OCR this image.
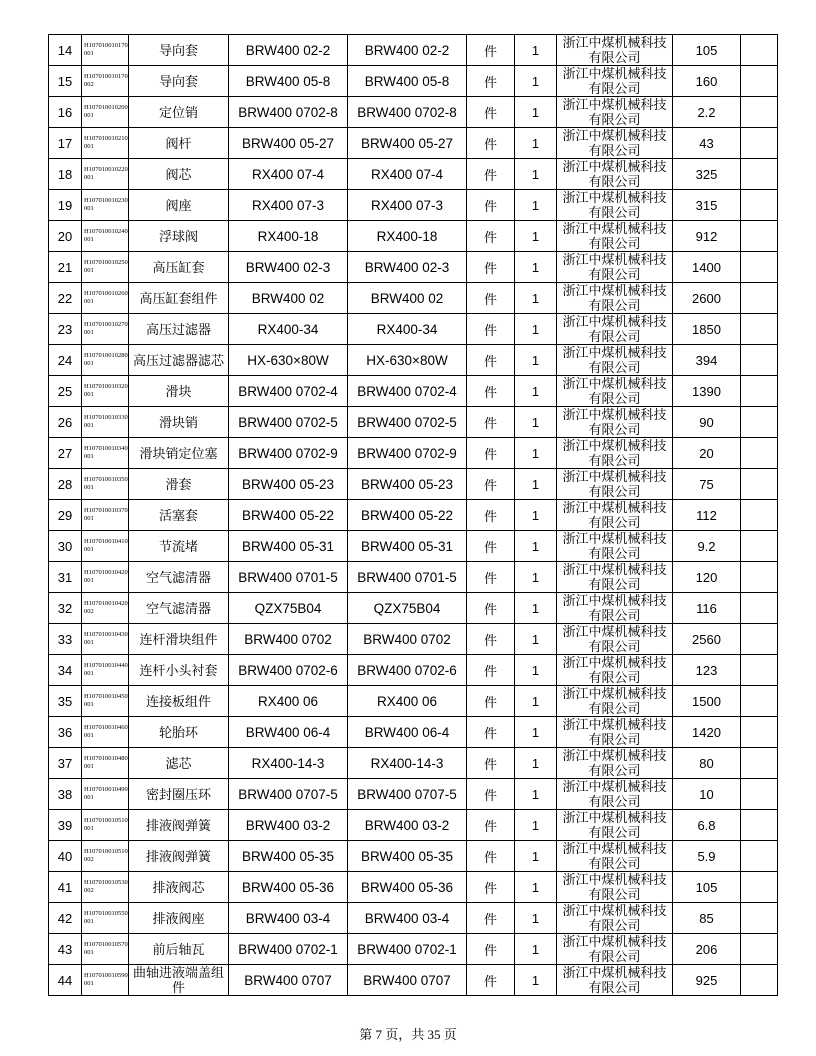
14	H107010010170001	导向套	BRW400 02-2	BRW400 02-2	件	1	浙江中煤机械科技有限公司	105	
15	H107010010170002	导向套	BRW400 05-8	BRW400 05-8	件	1	浙江中煤机械科技有限公司	160	
16	H107010010200001	定位销	BRW400 0702-8	BRW400 0702-8	件	1	浙江中煤机械科技有限公司	2.2	
17	H107010010210001	阀杆	BRW400 05-27	BRW400 05-27	件	1	浙江中煤机械科技有限公司	43	
18	H107010010220001	阀芯	RX400 07-4	RX400 07-4	件	1	浙江中煤机械科技有限公司	325	
19	H107010010230001	阀座	RX400 07-3	RX400 07-3	件	1	浙江中煤机械科技有限公司	315	
20	H107010010240001	浮球阀	RX400-18	RX400-18	件	1	浙江中煤机械科技有限公司	912	
21	H107010010250001	高压缸套	BRW400 02-3	BRW400 02-3	件	1	浙江中煤机械科技有限公司	1400	
22	H107010010260001	高压缸套组件	BRW400 02	BRW400 02	件	1	浙江中煤机械科技有限公司	2600	
23	H107010010270001	高压过滤器	RX400-34	RX400-34	件	1	浙江中煤机械科技有限公司	1850	
24	H107010010280001	高压过滤器滤芯	HX-630×80W	HX-630×80W	件	1	浙江中煤机械科技有限公司	394	
25	H107010010320001	滑块	BRW400 0702-4	BRW400 0702-4	件	1	浙江中煤机械科技有限公司	1390	
26	H107010010330001	滑块销	BRW400 0702-5	BRW400 0702-5	件	1	浙江中煤机械科技有限公司	90	
27	H107010010340001	滑块销定位塞	BRW400 0702-9	BRW400 0702-9	件	1	浙江中煤机械科技有限公司	20	
28	H107010010350001	滑套	BRW400 05-23	BRW400 05-23	件	1	浙江中煤机械科技有限公司	75	
29	H107010010370001	活塞套	BRW400 05-22	BRW400 05-22	件	1	浙江中煤机械科技有限公司	112	
30	H107010010410001	节流堵	BRW400 05-31	BRW400 05-31	件	1	浙江中煤机械科技有限公司	9.2	
31	H107010010420001	空气滤清器	BRW400 0701-5	BRW400 0701-5	件	1	浙江中煤机械科技有限公司	120	
32	H107010010420002	空气滤清器	QZX75B04	QZX75B04	件	1	浙江中煤机械科技有限公司	116	
33	H107010010430001	连杆滑块组件	BRW400 0702	BRW400 0702	件	1	浙江中煤机械科技有限公司	2560	
34	H107010010440001	连杆小头衬套	BRW400 0702-6	BRW400 0702-6	件	1	浙江中煤机械科技有限公司	123	
35	H107010010450001	连接板组件	RX400 06	RX400 06	件	1	浙江中煤机械科技有限公司	1500	
36	H107010010460001	轮胎环	BRW400 06-4	BRW400 06-4	件	1	浙江中煤机械科技有限公司	1420	
37	H107010010480001	滤芯	RX400-14-3	RX400-14-3	件	1	浙江中煤机械科技有限公司	80	
38	H107010010490001	密封圈压环	BRW400 0707-5	BRW400 0707-5	件	1	浙江中煤机械科技有限公司	10	
39	H107010010510001	排液阀弹簧	BRW400 03-2	BRW400 03-2	件	1	浙江中煤机械科技有限公司	6.8	
40	H107010010510002	排液阀弹簧	BRW400 05-35	BRW400 05-35	件	1	浙江中煤机械科技有限公司	5.9	
41	H107010010530002	排液阀芯	BRW400 05-36	BRW400 05-36	件	1	浙江中煤机械科技有限公司	105	
42	H107010010550001	排液阀座	BRW400 03-4	BRW400 03-4	件	1	浙江中煤机械科技有限公司	85	
43	H107010010570001	前后轴瓦	BRW400 0702-1	BRW400 0702-1	件	1	浙江中煤机械科技有限公司	206	
44	H107010010590001	曲轴进液端盖组件	BRW400 0707	BRW400 0707	件	1	浙江中煤机械科技有限公司	925	
第 7 页，共 35 页
